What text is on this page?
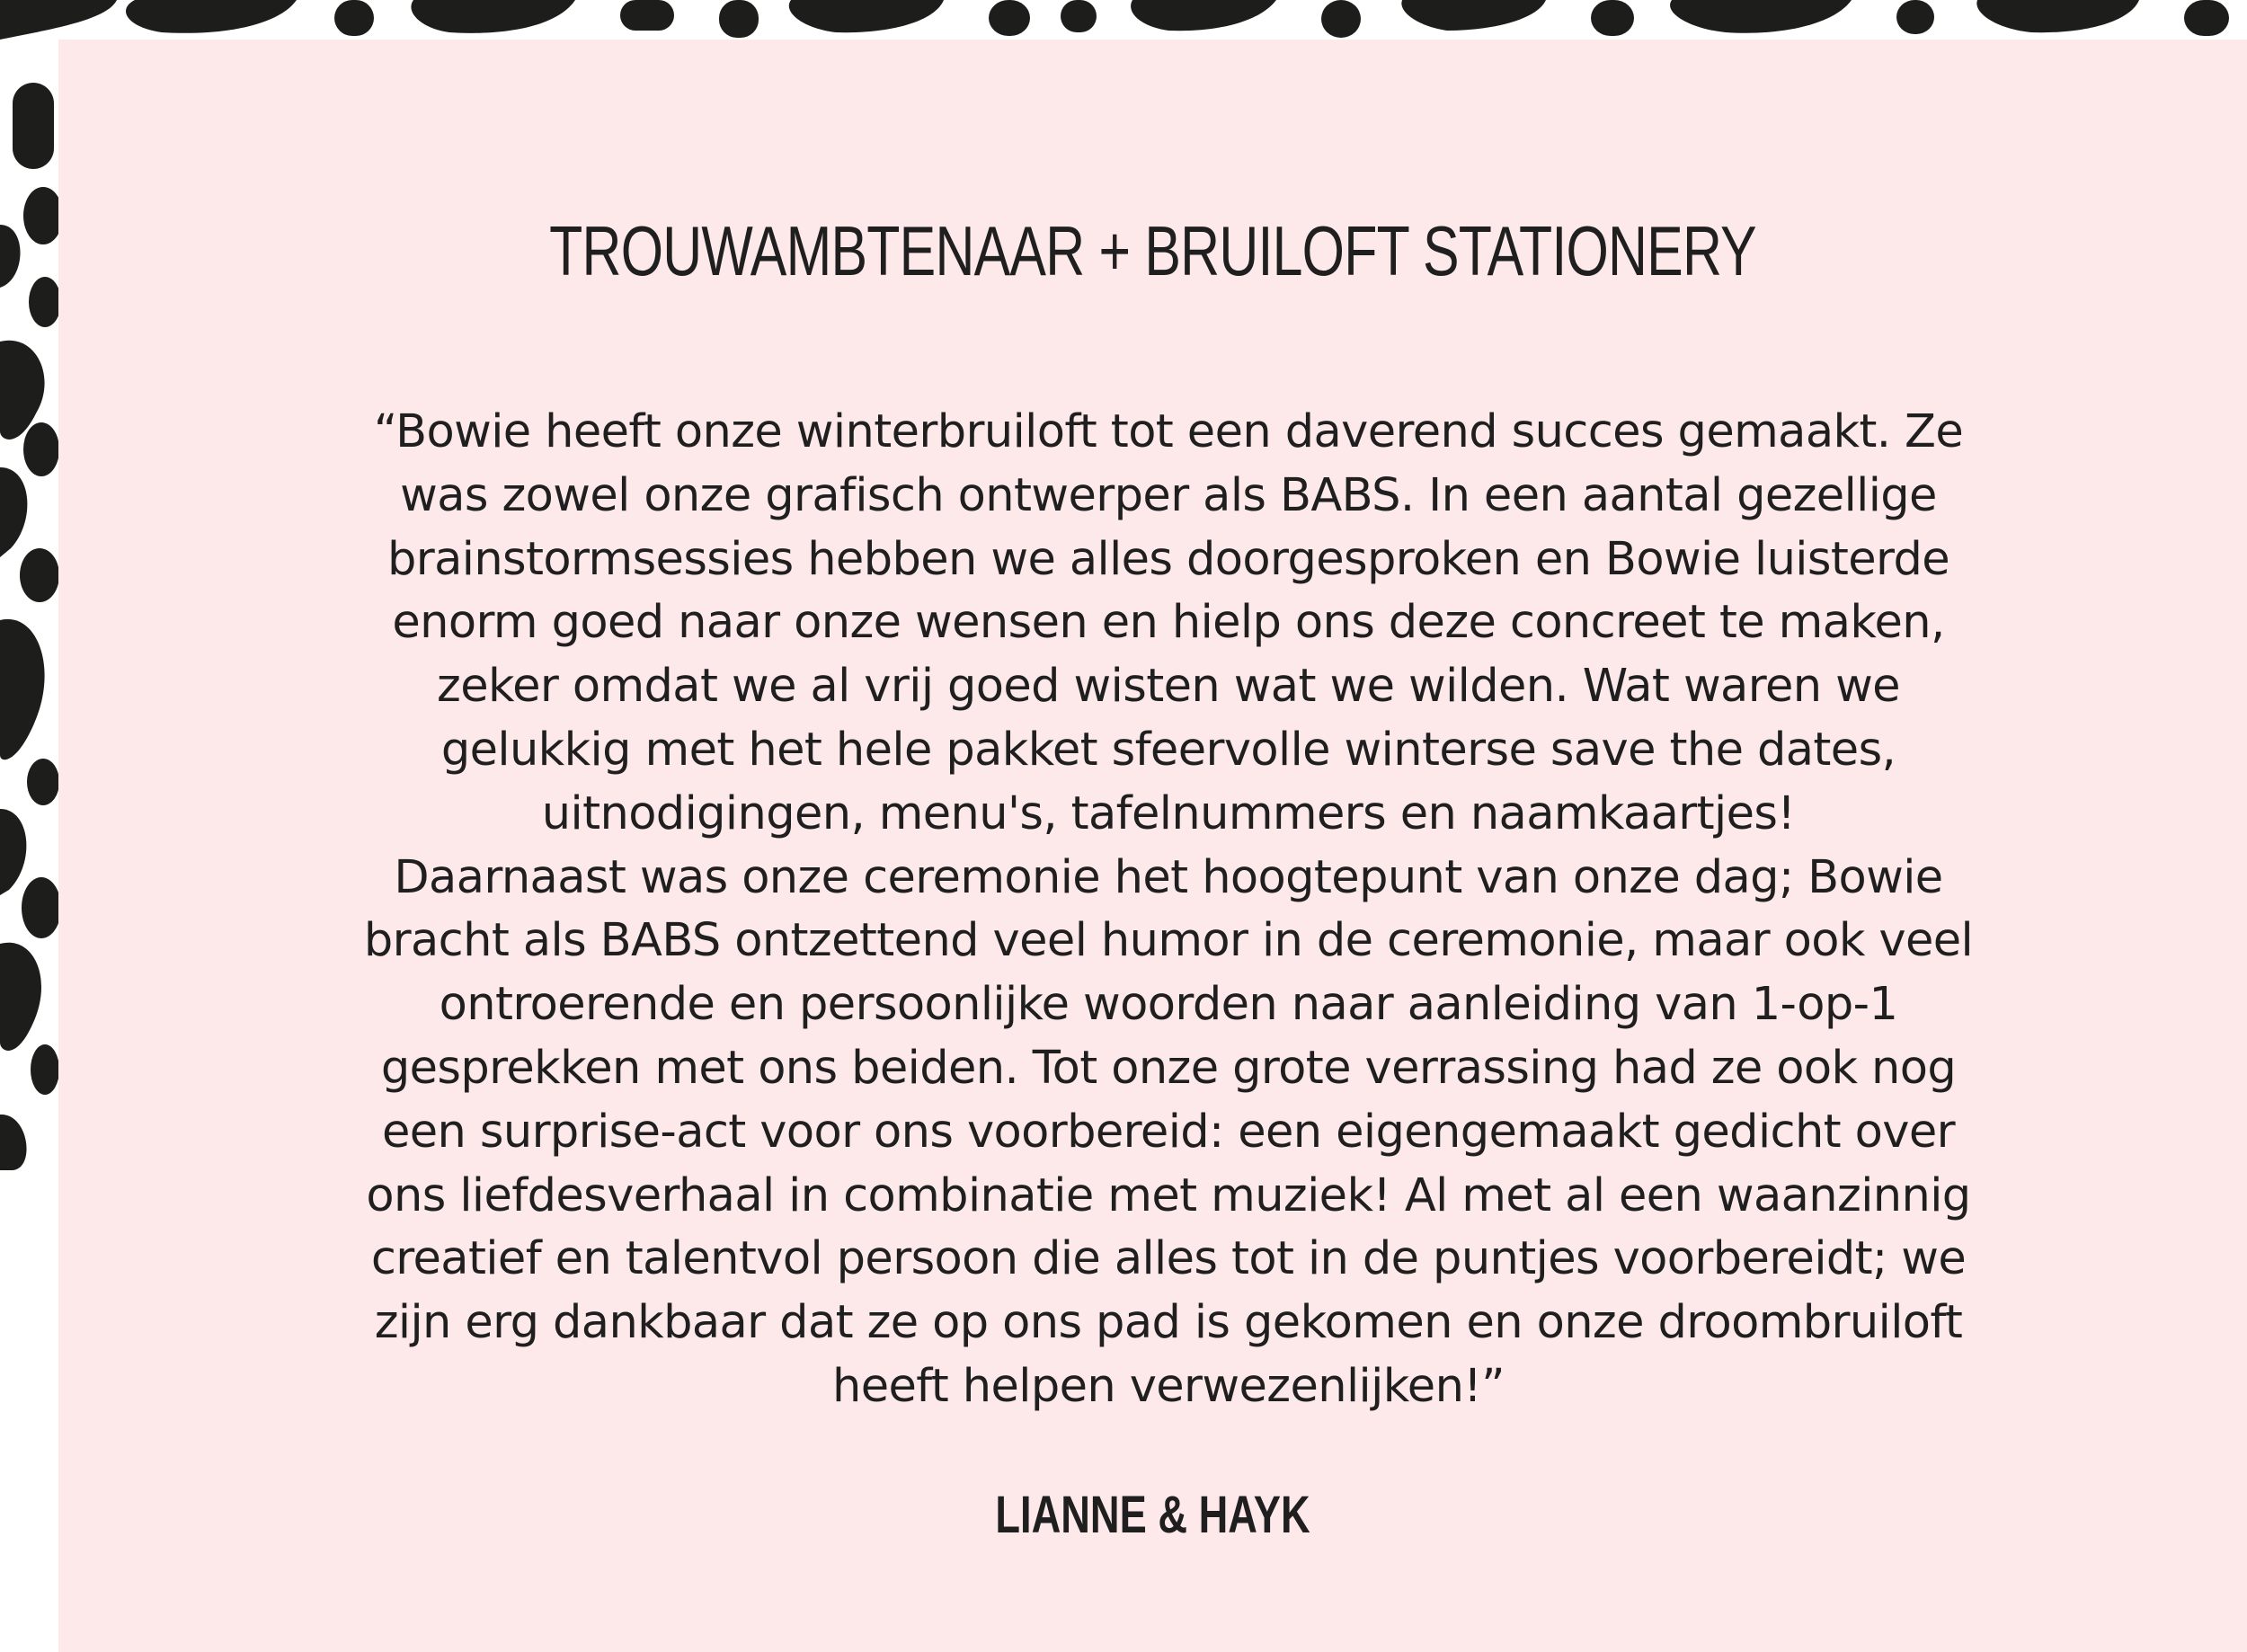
TROUWAMBTENAAR + BRUILOFT STATIONERY

“Bowie heeft onze winterbruiloft tot een daverend succes gemaakt. Ze
was zowel onze grafisch ontwerper als BABS. In een aantal gezellige
brainstormsessies hebben we alles doorgesproken en Bowie luisterde
enorm goed naar onze wensen en hielp ons deze concreet te maken,
zeker omdat we al vrij goed wisten wat we wilden. Wat waren we
gelukkig met het hele pakket sfeervolle winterse save the dates,
uitnodigingen, menu's, tafelnummers en naamkaartjes!
Daarnaast was onze ceremonie het hoogtepunt van onze dag; Bowie
bracht als BABS ontzettend veel humor in de ceremonie, maar ook veel
ontroerende en persoonlijke woorden naar aanleiding van 1-op-1
gesprekken met ons beiden. Tot onze grote verrassing had ze ook nog
een surprise-act voor ons voorbereid: een eigengemaakt gedicht over
ons liefdesverhaal in combinatie met muziek! Al met al een waanzinnig
creatief en talentvol persoon die alles tot in de puntjes voorbereidt; we
zijn erg dankbaar dat ze op ons pad is gekomen en onze droombruiloft
heeft helpen verwezenlijken!”

LIANNE & HAYK
